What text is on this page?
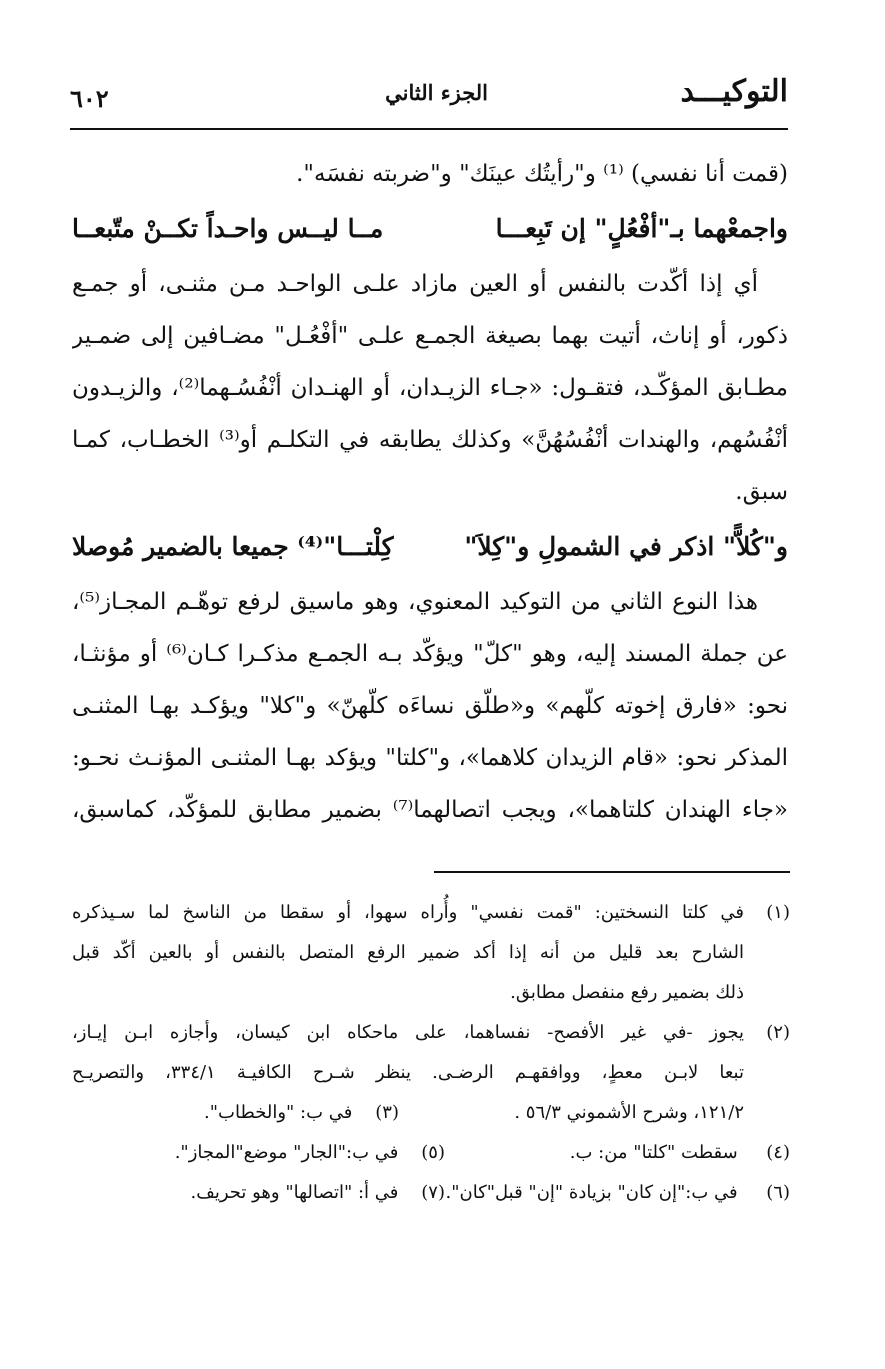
التوكيـــد
الجزء الثاني
٦٠٢
(قمت أنا نفسي) ⁽¹⁾ و"رأيتُك عينَك" و"ضربته نفسَه".
واجمعْهما بـ"أفْعُلٍ" إن تَبِعـــا
مــا ليــس واحـداً تكــنْ متّبعــا
أي إذا أكّدت بالنفس أو العين مازاد علـى الواحـد مـن مثنـى، أو جمـع
ذكور، أو إناث، أتيت بهما بصيغة الجمـع علـى "أفْعُـل" مضـافين إلى ضمـير
مطـابق المؤكّـد، فتقـول: «جـاء الزيـدان، أو الهنـدان أنْفُسُـهما⁽²⁾، والزيـدون
أنْفُسُهم، والهندات أنْفُسُهُنَّ» وكذلك يطابقه في التكلـم أو⁽³⁾ الخطـاب، كمـا
سبق.
و"كُلاًّ" اذكر في الشمولِ و"كِلاَ"
كِلْتـــا"⁽⁴⁾ جميعا بالضمير مُوصلا
هذا النوع الثاني من التوكيد المعنوي، وهو ماسيق لرفع توهّـم المجـاز⁽⁵⁾،
عن جملة المسند إليه، وهو "كلّ" ويؤكّد بـه الجمـع مذكـرا كـان⁽⁶⁾ أو مؤنثـا،
نحو: «فارق إخوته كلّهم» و«طلّق نساءَه كلّهنّ» و"كلا" ويؤكـد بهـا المثنـى
المذكر نحو: «قام الزيدان كلاهما»، و"كلتا" ويؤكد بهـا المثنـى المؤنـث نحـو:
«جاء الهندان كلتاهما»، ويجب اتصالهما⁽⁷⁾ بضمير مطابق للمؤكّد، كماسبق،
(١)
في كلتا النسختين: "قمت نفسي" وأُراه سهوا، أو سقطا من الناسخ لما سـيذكره
الشارح بعد قليل من أنه إذا أكد ضمير الرفع المتصل بالنفس أو بالعين أكّد قبل
ذلك بضمير رفع منفصل مطابق.
(٢)
يجوز -في غير الأفصح- نفساهما، على ماحكاه ابن كيسان، وأجازه ابـن إيـاز،
تبعا لابـن معطٍ، ووافقهـم الرضـى. ينظر شـرح الكافيـة ٣٣٤/١، والتصريـح
١٢١/٢، وشرح الأشموني ٥٦/٣ .
(٣)    في ب: "والخطاب".
(٤)     سقطت "كلتا" من: ب.
(٥)    في ب:"الجار" موضع"المجاز".
(٦)     في ب:"إن كان" بزيادة "إن" قبل"كان".
(٧)    في أ: "اتصالها" وهو تحريف.
